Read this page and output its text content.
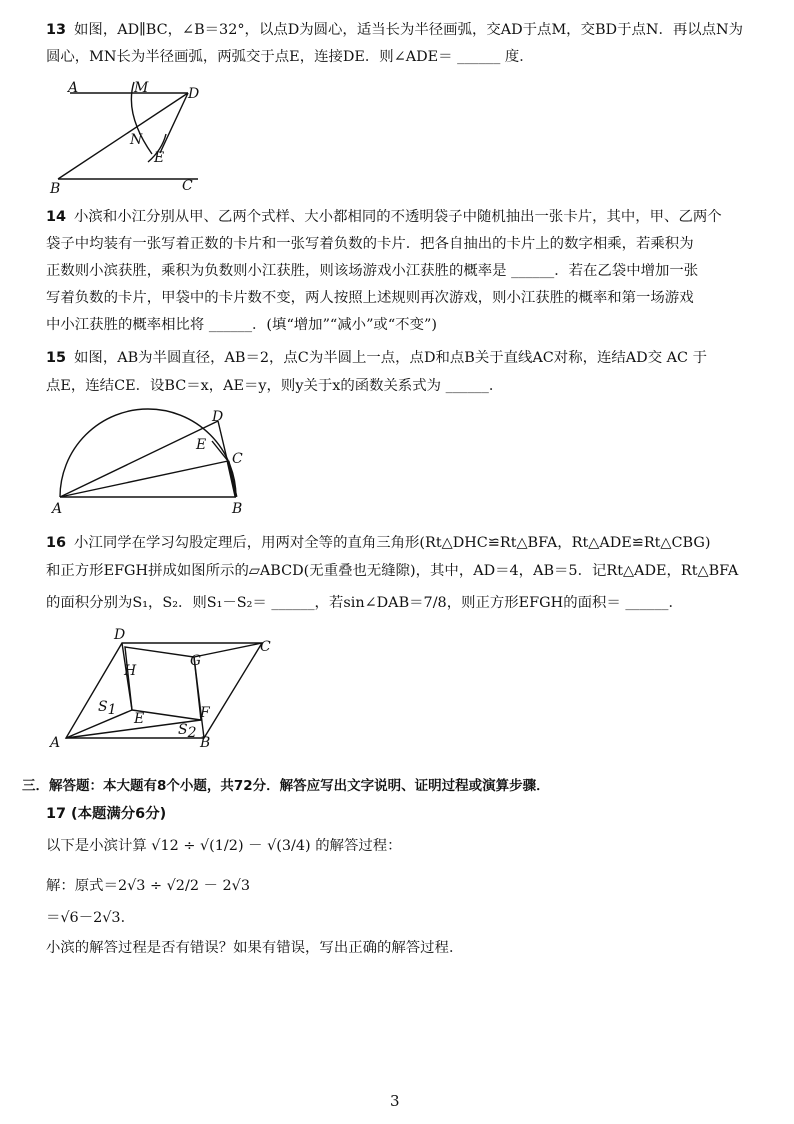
13 如图，AD∥BC，∠B＝32°，以点D为圆心，适当长为半径画弧，交AD于点M，交BD于点N．再以点N为
圆心，MN长为半径画弧，两弧交于点E，连接DE．则∠ADE＝ ______ 度．
A	M	D
N
E
B	C
14 小滨和小江分别从甲、乙两个式样、大小都相同的不透明袋子中随机抽出一张卡片，其中，甲、乙两个
袋子中均装有一张写着正数的卡片和一张写着负数的卡片．把各自抽出的卡片上的数字相乘，若乘积为
正数则小滨获胜，乘积为负数则小江获胜，则该场游戏小江获胜的概率是 ______．若在乙袋中增加一张
写着负数的卡片，甲袋中的卡片数不变，两人按照上述规则再次游戏，则小江获胜的概率和第一场游戏
中小江获胜的概率相比将 ______．(填“增加”“减小”或“不变”)
15 如图，AB为半圆直径，AB＝2，点C为半圆上一点，点D和点B关于直线AC对称，连结AD交 AC 于
点E，连结CE．设BC＝x，AE＝y，则y关于x的函数关系式为 ______．
D
E
C
A	B
16 小江同学在学习勾股定理后，用两对全等的直角三角形(Rt△DHC≌Rt△BFA，Rt△ADE≌Rt△CBG)
和正方形EFGH拼成如图所示的▱ABCD(无重叠也无缝隙)，其中，AD＝4，AB＝5．记Rt△ADE，Rt△BFA
的面积分别为S₁，S₂．则S₁－S₂＝ ______，若sin∠DAB＝7/8，则正方形EFGH的面积＝ ______．
D
C
H
G
S1
E	F
S2
A	B
三．解答题：本大题有8个小题，共72分．解答应写出文字说明、证明过程或演算步骤．
17 (本题满分6分)
以下是小滨计算 √12 ÷ √(1/2) － √(3/4) 的解答过程：
解：原式＝2√3 ÷ √2/2 － 2√3
＝√6－2√3．
小滨的解答过程是否有错误？如果有错误，写出正确的解答过程．
3
